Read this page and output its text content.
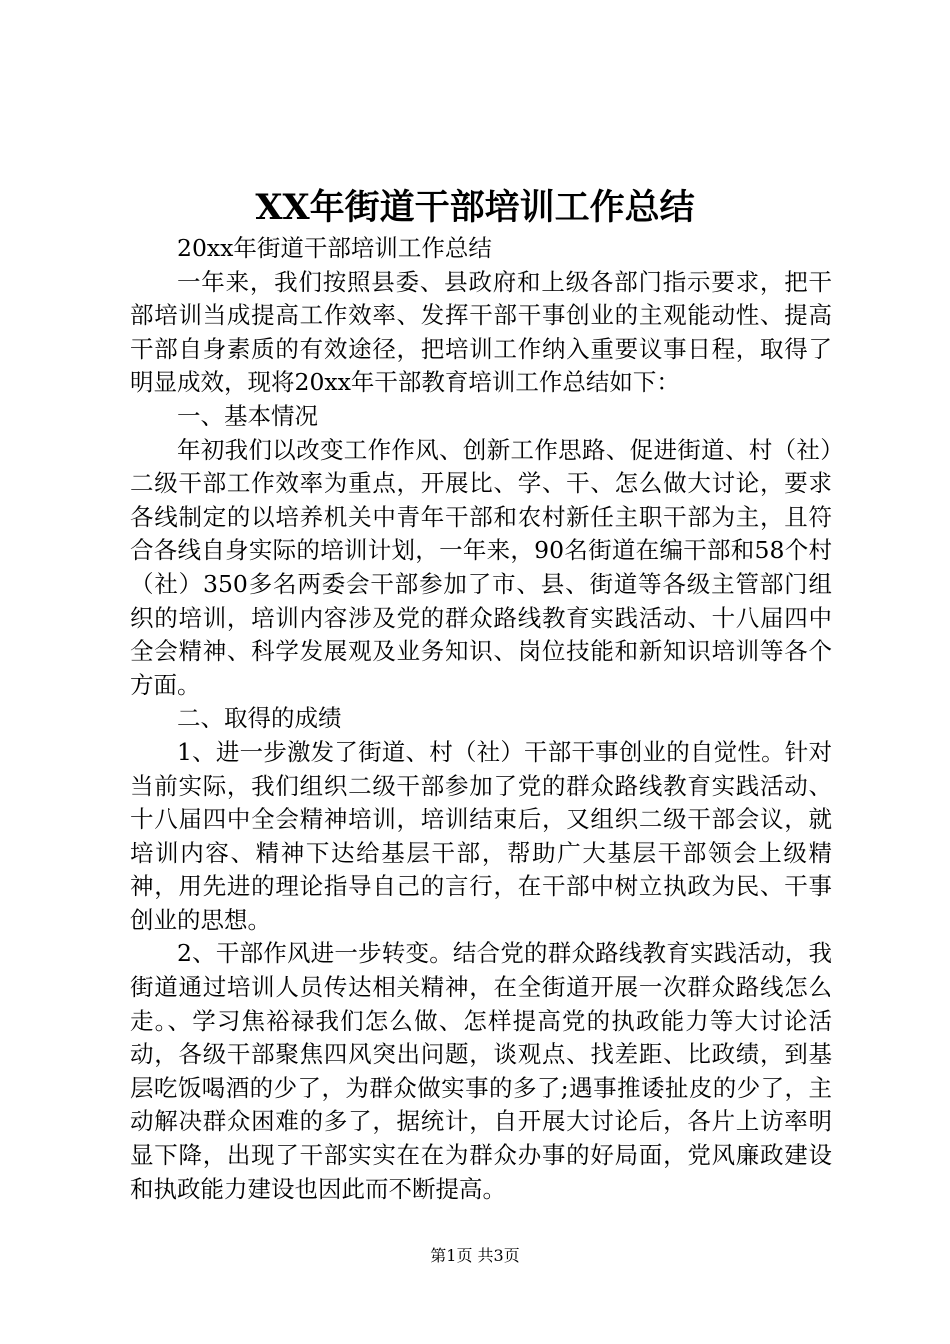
XX年街道干部培训工作总结

20xx年街道干部培训工作总结

一年来，我们按照县委、县政府和上级各部门指示要求，把干部培训当成提高工作效率、发挥干部干事创业的主观能动性、提高干部自身素质的有效途径，把培训工作纳入重要议事日程，取得了明显成效，现将20xx年干部教育培训工作总结如下：

一、基本情况

年初我们以改变工作作风、创新工作思路、促进街道、村（社）二级干部工作效率为重点，开展比、学、干、怎么做大讨论，要求各线制定的以培养机关中青年干部和农村新任主职干部为主，且符合各线自身实际的培训计划，一年来，90名街道在编干部和58个村（社）350多名两委会干部参加了市、县、街道等各级主管部门组织的培训，培训内容涉及党的群众路线教育实践活动、十八届四中全会精神、科学发展观及业务知识、岗位技能和新知识培训等各个方面。

二、取得的成绩

1、进一步激发了街道、村（社）干部干事创业的自觉性。针对当前实际，我们组织二级干部参加了党的群众路线教育实践活动、十八届四中全会精神培训，培训结束后，又组织二级干部会议，就培训内容、精神下达给基层干部，帮助广大基层干部领会上级精神，用先进的理论指导自己的言行，在干部中树立执政为民、干事创业的思想。

2、干部作风进一步转变。结合党的群众路线教育实践活动，我街道通过培训人员传达相关精神，在全街道开展一次群众路线怎么走。、学习焦裕禄我们怎么做、怎样提高党的执政能力等大讨论活动，各级干部聚焦四风突出问题，谈观点、找差距、比政绩，到基层吃饭喝酒的少了，为群众做实事的多了;遇事推诿扯皮的少了，主动解决群众困难的多了，据统计，自开展大讨论后，各片上访率明显下降，出现了干部实实在在为群众办事的好局面，党风廉政建设和执政能力建设也因此而不断提高。

第1页 共3页
